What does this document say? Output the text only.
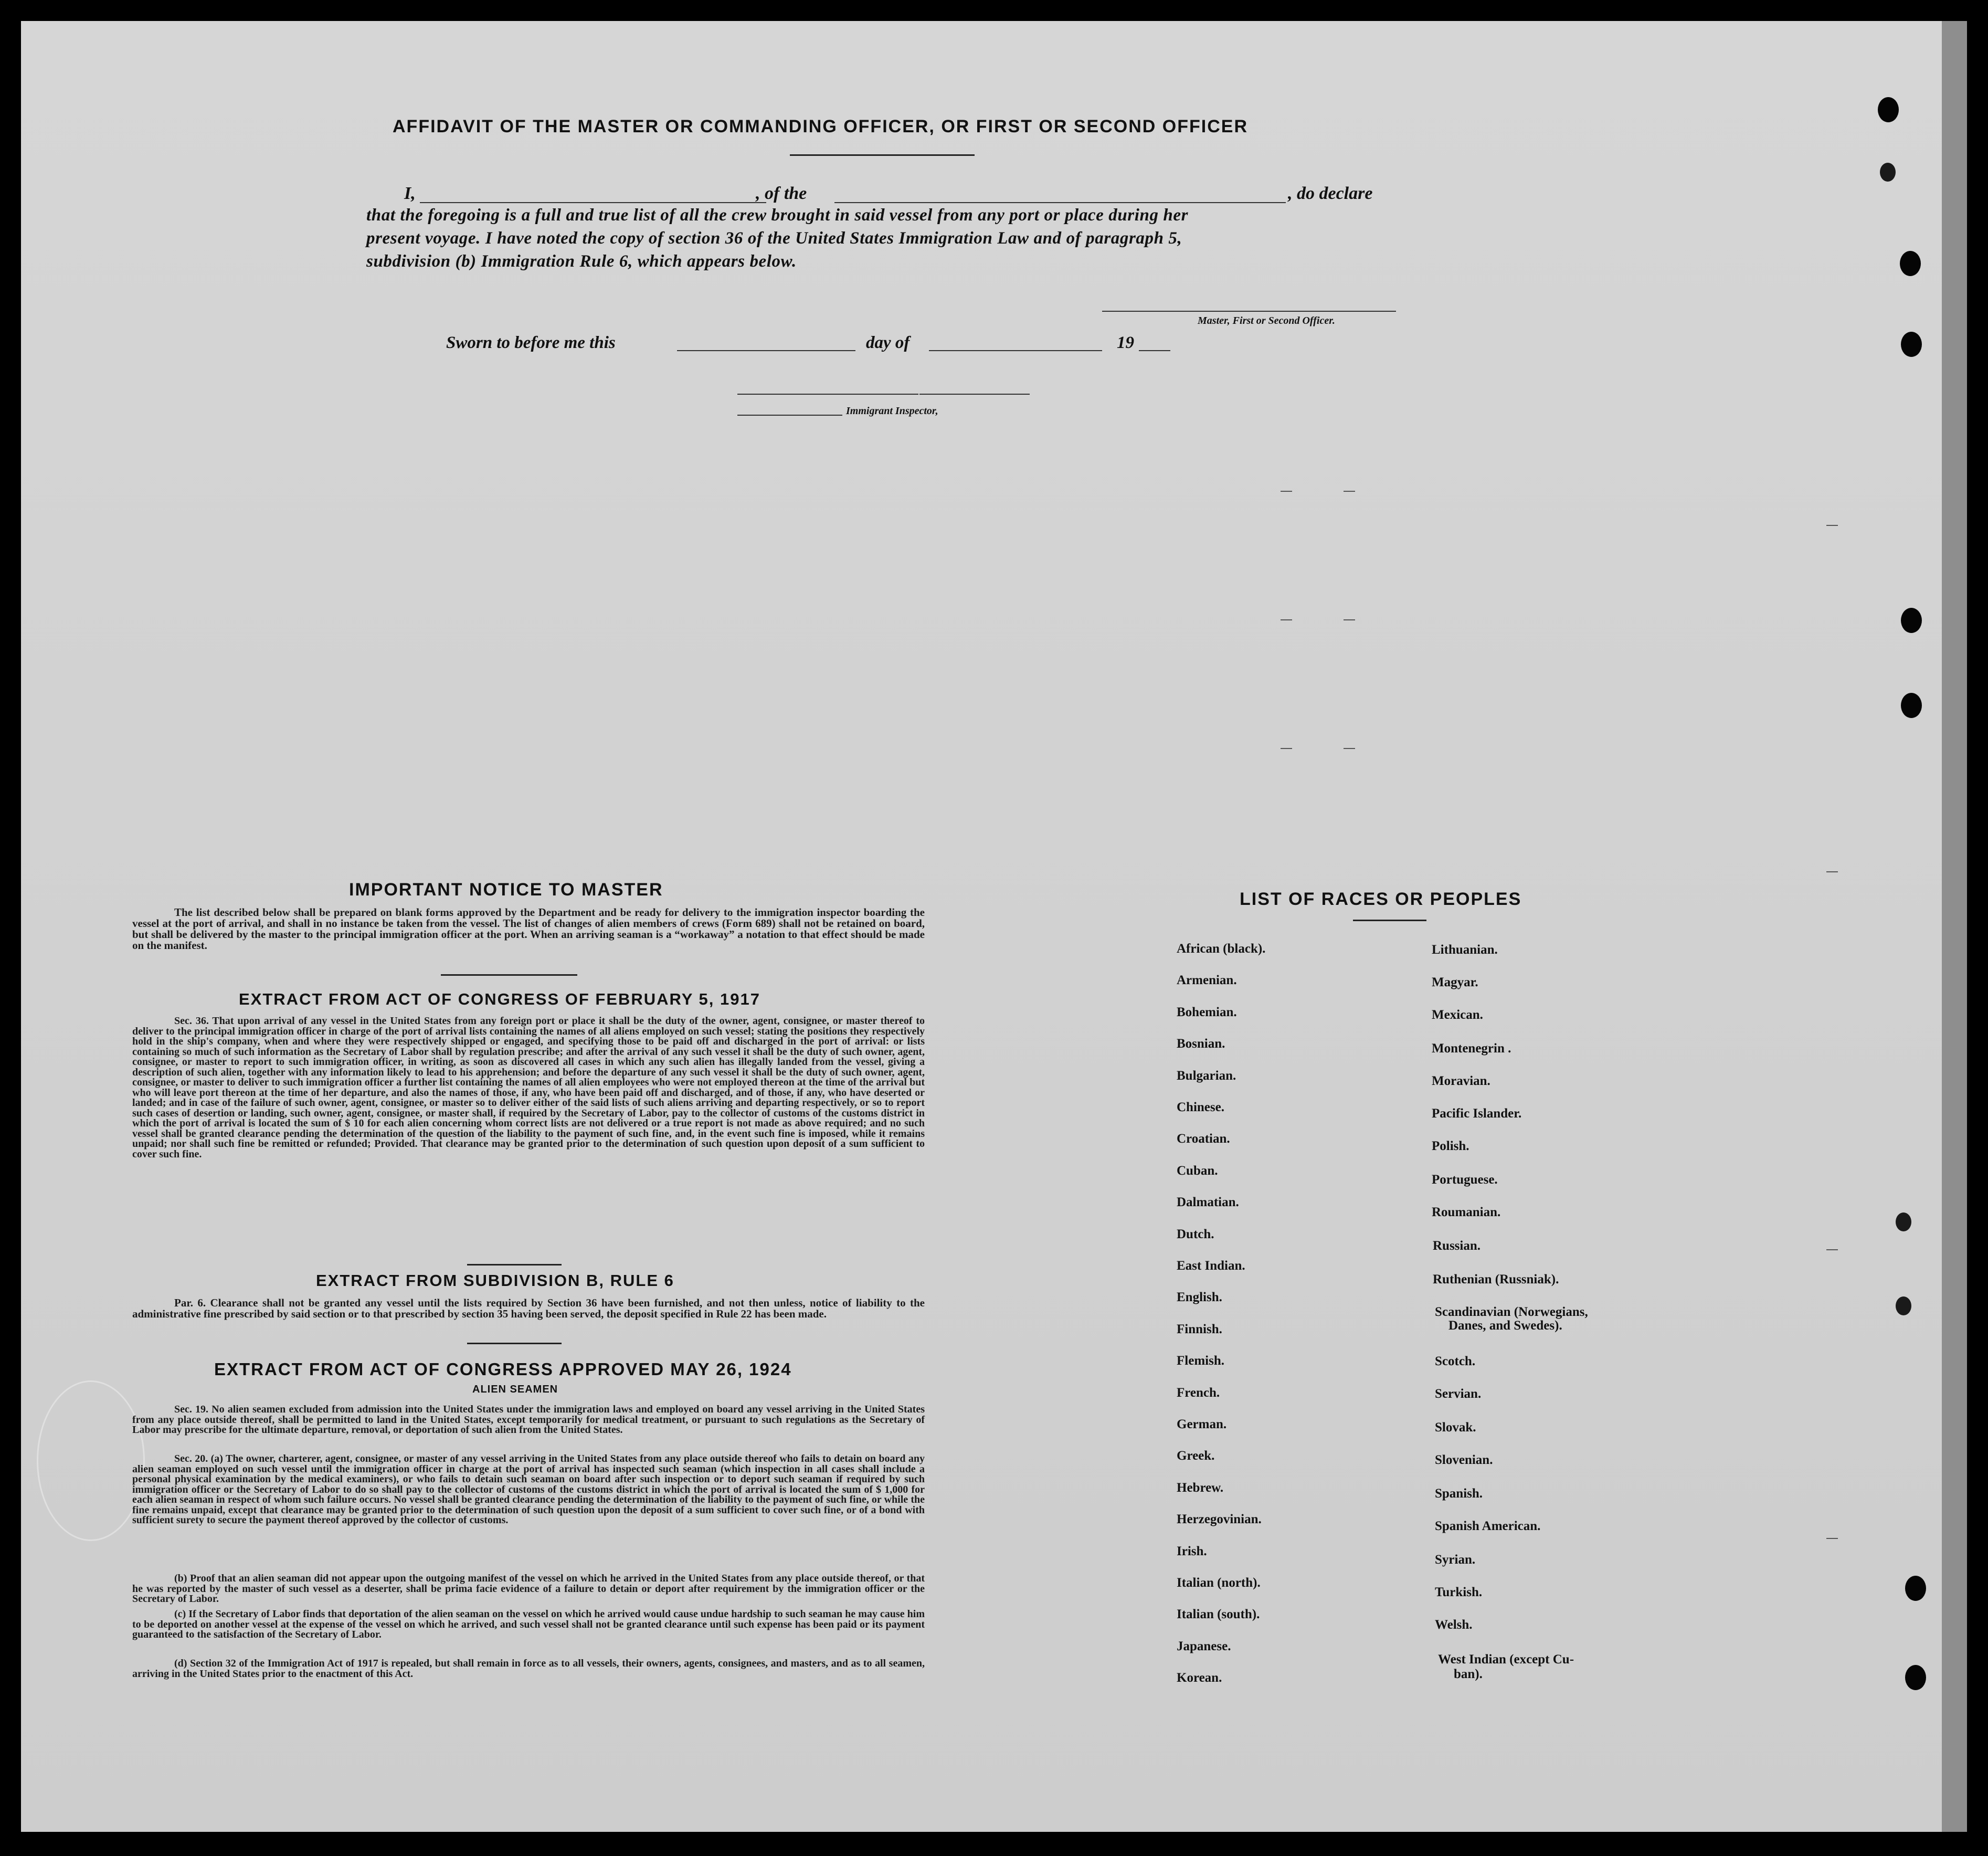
AFFIDAVIT OF THE MASTER OR COMMANDING OFFICER, OR FIRST OR SECOND OFFICER
I,	, of the	, do declare
that the foregoing is a full and true list of all the crew brought in said vessel from any port or place during her
present voyage. I have noted the copy of section 36 of the United States Immigration Law and of paragraph 5,
subdivision (b) Immigration Rule 6, which appears below.
Master, First or Second Officer.
Sworn to before me this	day of	19
Immigrant Inspector,
IMPORTANT NOTICE TO MASTER
The list described below shall be prepared on blank forms approved by the Department and be ready for delivery to the immigration inspector boarding the vessel at the port of arrival, and shall in no instance be taken from the vessel. The list of changes of alien members of crews (Form 689) shall not be retained on board, but shall be delivered by the master to the principal immigration officer at the port. When an arriving seaman is a “workaway” a notation to that effect should be made on the manifest.
EXTRACT FROM ACT OF CONGRESS OF FEBRUARY 5, 1917
Sec. 36. That upon arrival of any vessel in the United States from any foreign port or place it shall be the duty of the owner, agent, consignee, or master thereof to deliver to the principal immigration officer in charge of the port of arrival lists containing the names of all aliens employed on such vessel; stating the positions they respectively hold in the ship's company, when and where they were respectively shipped or engaged, and specifying those to be paid off and discharged in the port of arrival: or lists containing so much of such information as the Secretary of Labor shall by regulation prescribe; and after the arrival of any such vessel it shall be the duty of such owner, agent, consignee, or master to report to such immigration officer, in writing, as soon as discovered all cases in which any such alien has illegally landed from the vessel, giving a description of such alien, together with any information likely to lead to his apprehension; and before the departure of any such vessel it shall be the duty of such owner, agent, consignee, or master to deliver to such immigration officer a further list containing the names of all alien employees who were not employed thereon at the time of the arrival but who will leave port thereon at the time of her departure, and also the names of those, if any, who have been paid off and discharged, and of those, if any, who have deserted or landed; and in case of the failure of such owner, agent, consignee, or master so to deliver either of the said lists of such aliens arriving and departing respectively, or so to report such cases of desertion or landing, such owner, agent, consignee, or master shall, if required by the Secretary of Labor, pay to the collector of customs of the customs district in which the port of arrival is located the sum of $ 10 for each alien concerning whom correct lists are not delivered or a true report is not made as above required; and no such vessel shall be granted clearance pending the determination of the question of the liability to the payment of such fine, and, in the event such fine is imposed, while it remains unpaid; nor shall such fine be remitted or refunded; Provided. That clearance may be granted prior to the determination of such question upon deposit of a sum sufficient to cover such fine.
EXTRACT FROM SUBDIVISION B, RULE 6
Par. 6. Clearance shall not be granted any vessel until the lists required by Section 36 have been furnished, and not then unless, notice of liability to the administrative fine prescribed by said section or to that prescribed by section 35 having been served, the deposit specified in Rule 22 has been made.
EXTRACT FROM ACT OF CONGRESS APPROVED MAY 26, 1924
ALIEN SEAMEN
Sec. 19. No alien seamen excluded from admission into the United States under the immigration laws and employed on board any vessel arriving in the United States from any place outside thereof, shall be permitted to land in the United States, except temporarily for medical treatment, or pursuant to such regulations as the Secretary of Labor may prescribe for the ultimate departure, removal, or deportation of such alien from the United States.
Sec. 20. (a) The owner, charterer, agent, consignee, or master of any vessel arriving in the United States from any place outside thereof who fails to detain on board any alien seaman employed on such vessel until the immigration officer in charge at the port of arrival has inspected such seaman (which inspection in all cases shall include a personal physical examination by the medical examiners), or who fails to detain such seaman on board after such inspection or to deport such seaman if required by such immigration officer or the Secretary of Labor to do so shall pay to the collector of customs of the customs district in which the port of arrival is located the sum of $ 1,000 for each alien seaman in respect of whom such failure occurs. No vessel shall be granted clearance pending the determination of the liability to the payment of such fine, or while the fine remains unpaid, except that clearance may be granted prior to the determination of such question upon the deposit of a sum sufficient to cover such fine, or of a bond with sufficient surety to secure the payment thereof approved by the collector of customs.
(b) Proof that an alien seaman did not appear upon the outgoing manifest of the vessel on which he arrived in the United States from any place outside thereof, or that he was reported by the master of such vessel as a deserter, shall be prima facie evidence of a failure to detain or deport after requirement by the immigration officer or the Secretary of Labor.
(c) If the Secretary of Labor finds that deportation of the alien seaman on the vessel on which he arrived would cause undue hardship to such seaman he may cause him to be deported on another vessel at the expense of the vessel on which he arrived, and such vessel shall not be granted clearance until such expense has been paid or its payment guaranteed to the satisfaction of the Secretary of Labor.
(d) Section 32 of the Immigration Act of 1917 is repealed, but shall remain in force as to all vessels, their owners, agents, consignees, and masters, and as to all seamen, arriving in the United States prior to the enactment of this Act.
LIST OF RACES OR PEOPLES
African (black).
Armenian.
Bohemian.
Bosnian.
Bulgarian.
Chinese.
Croatian.
Cuban.
Dalmatian.
Dutch.
East Indian.
English.
Finnish.
Flemish.
French.
German.
Greek.
Hebrew.
Herzegovinian.
Irish.
Italian (north).
Italian (south).
Japanese.
Korean.
Lithuanian.
Magyar.
Mexican.
Montenegrin .
Moravian.
Pacific Islander.
Polish.
Portuguese.
Roumanian.
Russian.
Ruthenian (Russniak).
Scandinavian (Norwegians,
Danes, and Swedes).
Scotch.
Servian.
Slovak.
Slovenian.
Spanish.
Spanish American.
Syrian.
Turkish.
Welsh.
West Indian (except Cu-
ban).
